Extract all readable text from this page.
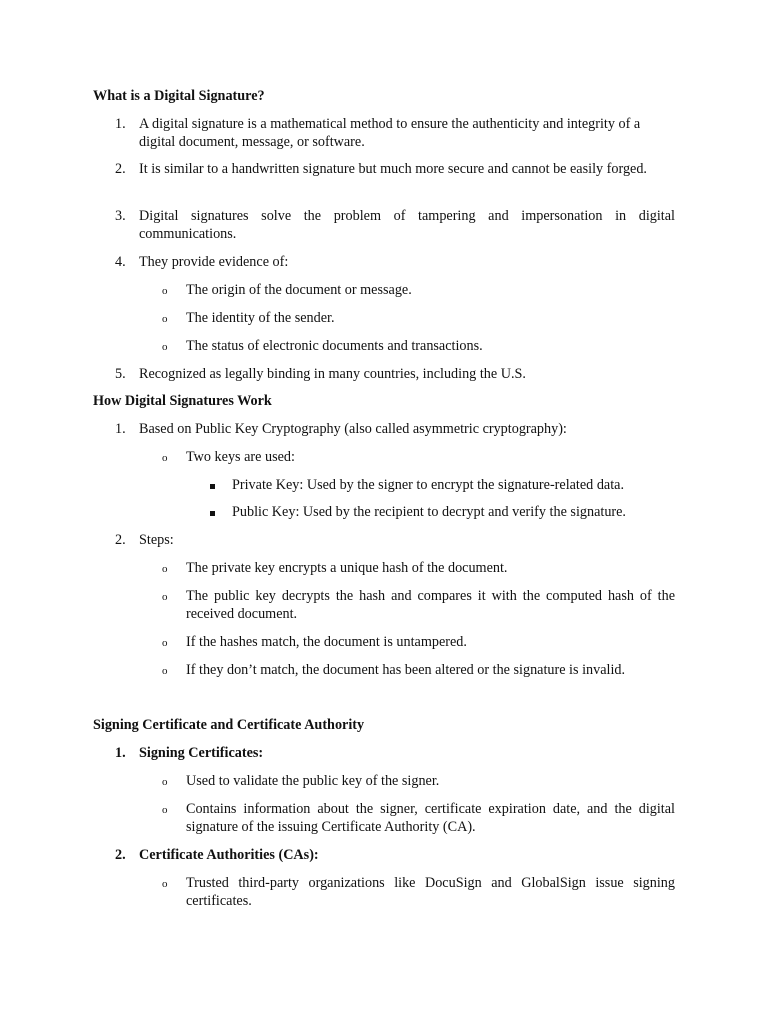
What is a Digital Signature?
1. A digital signature is a mathematical method to ensure the authenticity and integrity of a digital document, message, or software.
2. It is similar to a handwritten signature but much more secure and cannot be easily forged.
3. Digital signatures solve the problem of tampering and impersonation in digital communications.
4. They provide evidence of:
o	The origin of the document or message.
o	The identity of the sender.
o	The status of electronic documents and transactions.
5. Recognized as legally binding in many countries, including the U.S.
How Digital Signatures Work
1. Based on Public Key Cryptography (also called asymmetric cryptography):
o	Two keys are used:
Private Key: Used by the signer to encrypt the signature-related data.
Public Key: Used by the recipient to decrypt and verify the signature.
2. Steps:
o	The private key encrypts a unique hash of the document.
o	The public key decrypts the hash and compares it with the computed hash of the received document.
o	If the hashes match, the document is untampered.
o	If they don’t match, the document has been altered or the signature is invalid.
Signing Certificate and Certificate Authority
1. Signing Certificates:
o	Used to validate the public key of the signer.
o	Contains information about the signer, certificate expiration date, and the digital signature of the issuing Certificate Authority (CA).
2. Certificate Authorities (CAs):
o	Trusted third-party organizations like DocuSign and GlobalSign issue signing certificates.
